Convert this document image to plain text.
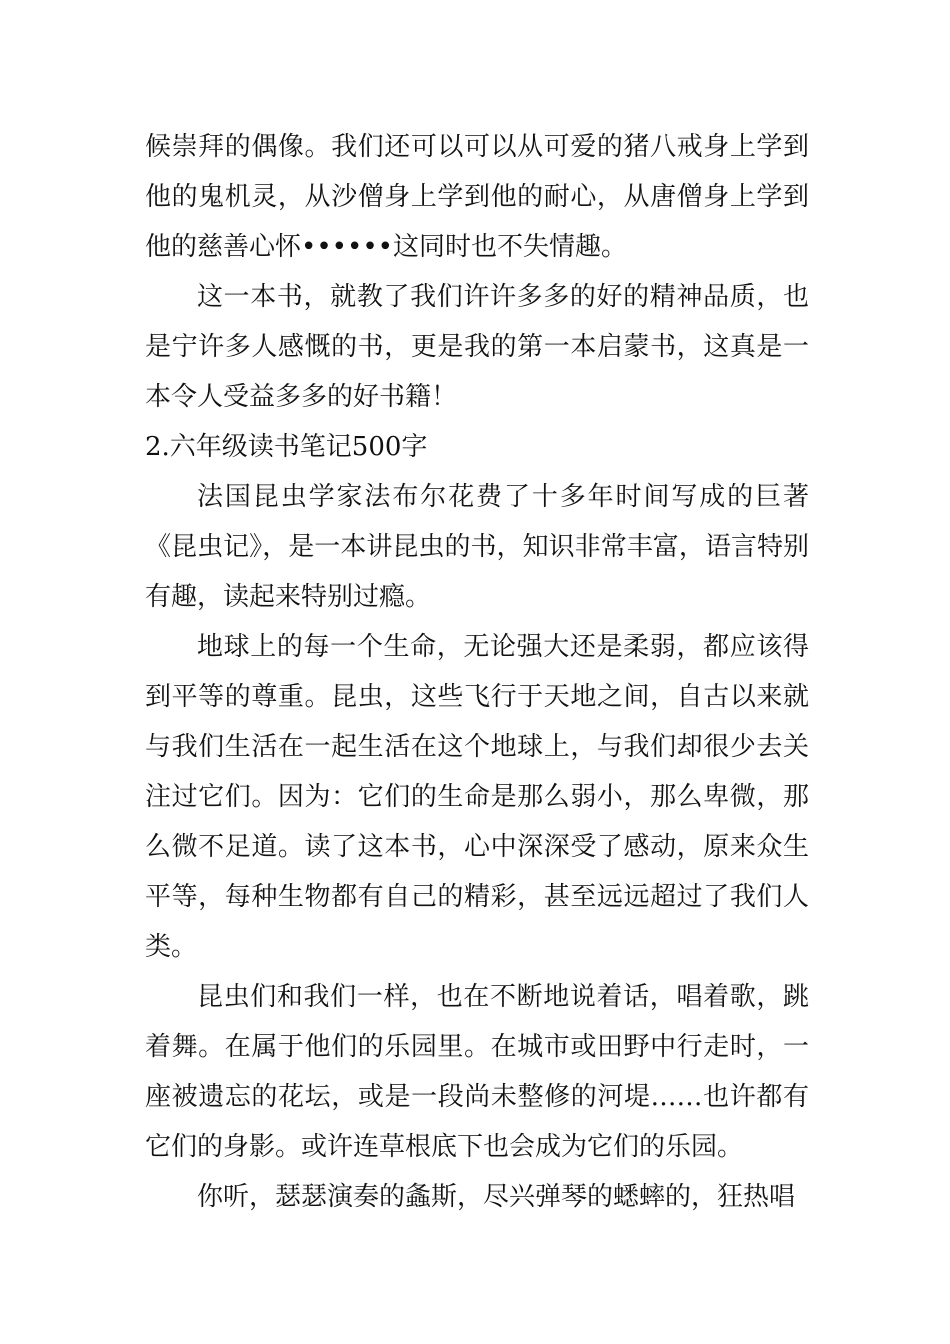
候崇拜的偶像。我们还可以可以从可爱的猪八戒身上学到他的鬼机灵，从沙僧身上学到他的耐心，从唐僧身上学到他的慈善心怀••••••这同时也不失情趣。

这一本书，就教了我们许许多多的好的精神品质，也是宁许多人感慨的书，更是我的第一本启蒙书，这真是一本令人受益多多的好书籍！

2.六年级读书笔记500字

法国昆虫学家法布尔花费了十多年时间写成的巨著《昆虫记》，是一本讲昆虫的书，知识非常丰富，语言特别有趣，读起来特别过瘾。

地球上的每一个生命，无论强大还是柔弱，都应该得到平等的尊重。昆虫，这些飞行于天地之间，自古以来就与我们生活在一起生活在这个地球上，与我们却很少去关注过它们。因为：它们的生命是那么弱小，那么卑微，那么微不足道。读了这本书，心中深深受了感动，原来众生平等，每种生物都有自己的精彩，甚至远远超过了我们人类。

昆虫们和我们一样，也在不断地说着话，唱着歌，跳着舞。在属于他们的乐园里。在城市或田野中行走时，一座被遗忘的花坛，或是一段尚未整修的河堤……也许都有它们的身影。或许连草根底下也会成为它们的乐园。

你听，瑟瑟演奏的螽斯，尽兴弹琴的蟋蟀的，狂热唱
